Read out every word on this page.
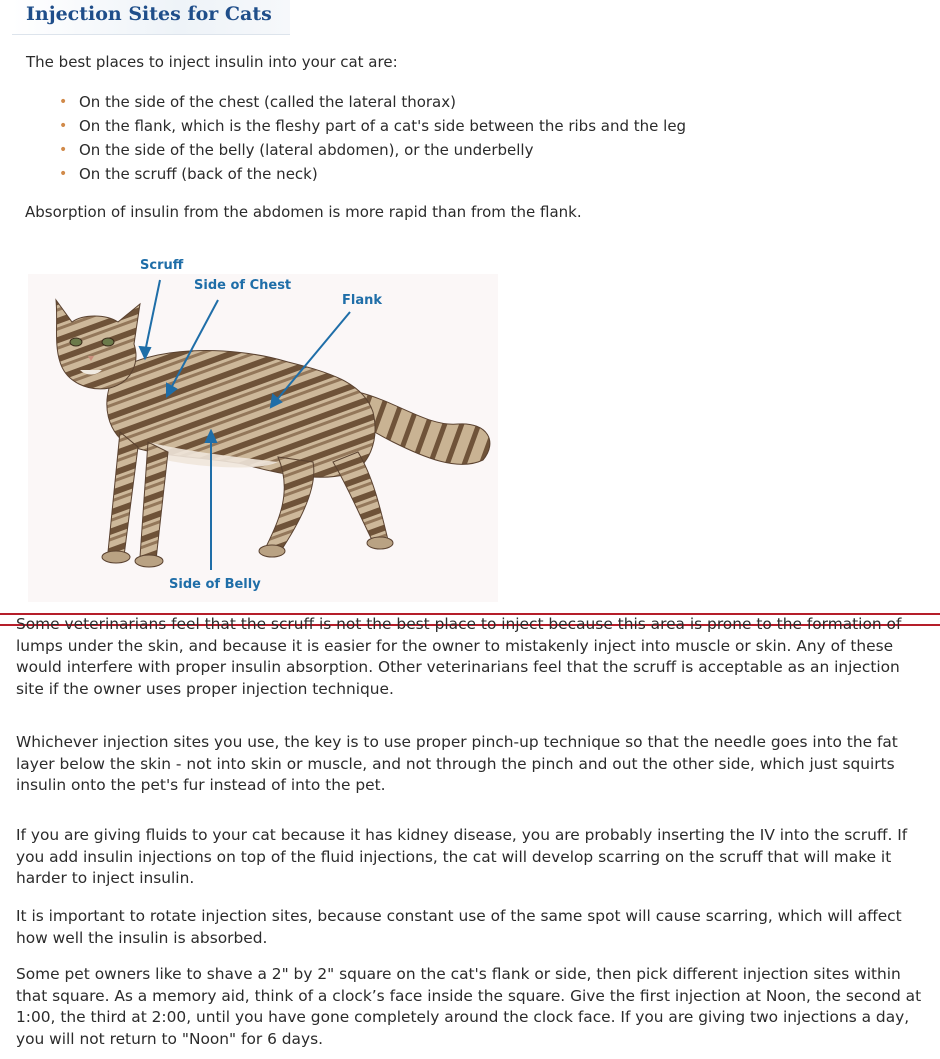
Injection Sites for Cats

The best places to inject insulin into your cat are:

• On the side of the chest (called the lateral thorax)
• On the flank, which is the fleshy part of a cat's side between the ribs and the leg
• On the side of the belly (lateral abdomen), or the underbelly
• On the scruff (back of the neck)

Absorption of insulin from the abdomen is more rapid than from the flank.

Scruff
Side of Chest
Flank
Side of Belly

Some veterinarians feel that the scruff is not the best place to inject because this area is prone to the formation of lumps under the skin, and because it is easier for the owner to mistakenly inject into muscle or skin. Any of these would interfere with proper insulin absorption. Other veterinarians feel that the scruff is acceptable as an injection site if the owner uses proper injection technique.

Whichever injection sites you use, the key is to use proper pinch-up technique so that the needle goes into the fat layer below the skin - not into skin or muscle, and not through the pinch and out the other side, which just squirts insulin onto the pet's fur instead of into the pet.

If you are giving fluids to your cat because it has kidney disease, you are probably inserting the IV into the scruff. If you add insulin injections on top of the fluid injections, the cat will develop scarring on the scruff that will make it harder to inject insulin.

It is important to rotate injection sites, because constant use of the same spot will cause scarring, which will affect how well the insulin is absorbed.

Some pet owners like to shave a 2" by 2" square on the cat's flank or side, then pick different injection sites within that square. As a memory aid, think of a clock’s face inside the square. Give the first injection at Noon, the second at 1:00, the third at 2:00, until you have gone completely around the clock face. If you are giving two injections a day, you will not return to "Noon" for 6 days.
